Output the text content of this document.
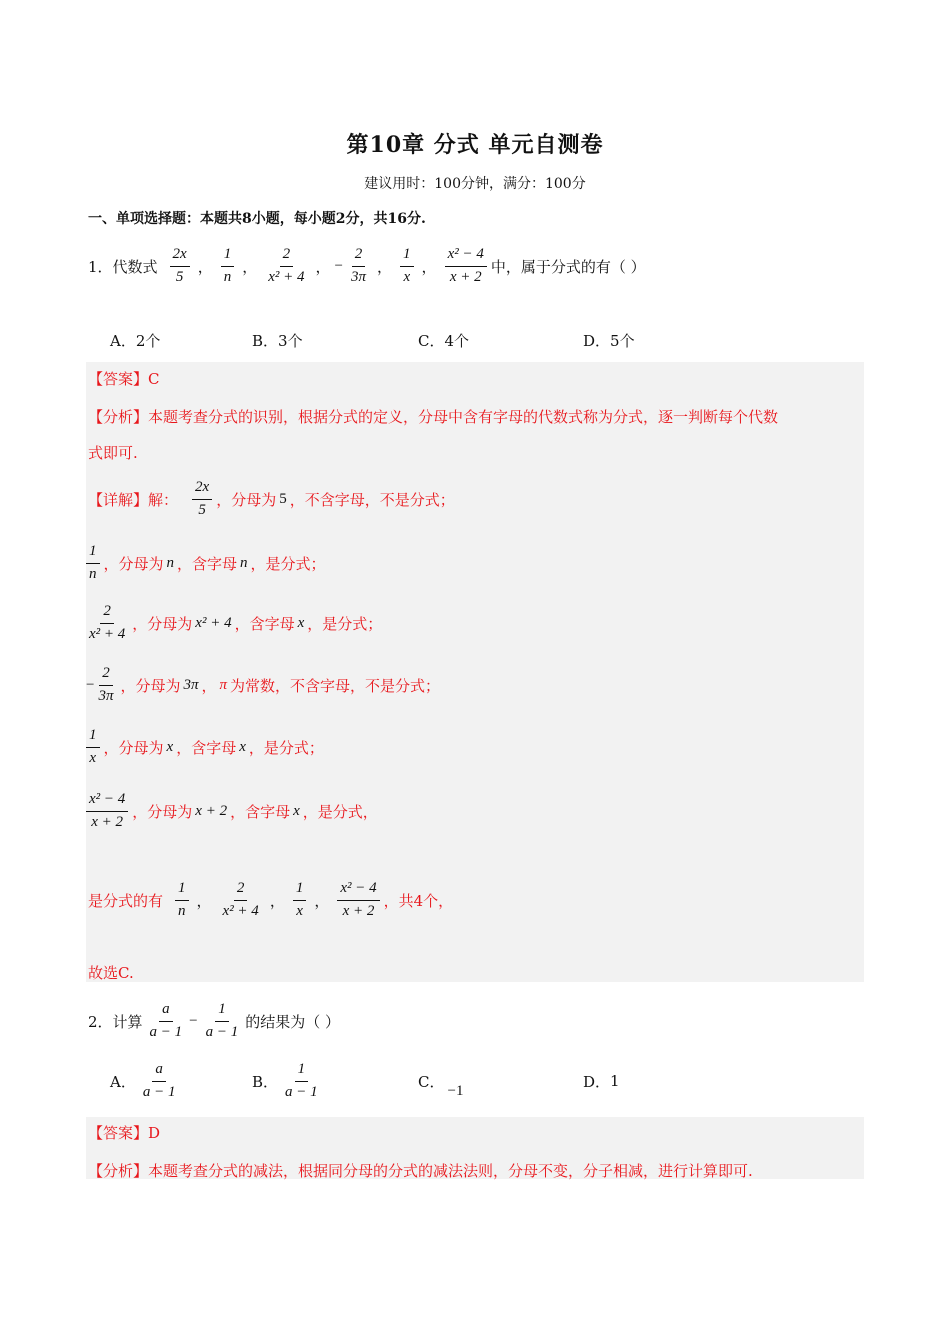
第10章 分式 单元自测卷
建议用时：100分钟，满分：100分
一、单项选择题：本题共8小题，每小题2分，共16分.
1．代数式 $\frac{2x}{5}$ ， $\frac{1}{n}$ ， $\frac{2}{\text{x² + 4}}$ ， − $\frac{2}{3\pi}$ ， $\frac{1}{x}$ ， $\frac{\text{x² − 4}}{x + 2}$ 中，属于分式的有（ ）
A．2个	B．3个	C．4个	D．5个
【答案】 C
【分析】 本题考查分式的识别，根据分式的定义，分母中含有字母的代数式称为分式，逐一判断每个代数
式即可.
【详解】 解： $\frac{2x}{5}$ ，分母为 5 ，不含字母，不是分式；
$\frac{1}{n}$ ，分母为 n ，含字母 n ，是分式；
$\frac{2}{\text{x² + 4}}$ ，分母为 x² + 4 ，含字母 x ，是分式；
− $\frac{2}{3\pi}$ ，分母为 3π ， π 为常数，不含字母，不是分式；
$\frac{1}{x}$ ，分母为 x ，含字母 x ，是分式；
$\frac{\text{x² − 4}}{x + 2}$ ，分母为 x + 2 ，含字母 x ，是分式，
是分式的有 $\frac{1}{n}$ ， $\frac{2}{\text{x² + 4}}$ ， $\frac{1}{x}$ ， $\frac{\text{x² − 4}}{x + 2}$ ，共4个，
故选C.
2．计算 $\frac{a}{a - 1} - \frac{1}{a - 1}$ 的结果为（ ）
A． $\frac{a}{a - 1}$	B． $\frac{1}{a - 1}$	C． −1	D． 1
【答案】 D
【分析】 本题考查分式的减法，根据同分母的分式的减法法则，分母不变，分子相减，进行计算即可.
